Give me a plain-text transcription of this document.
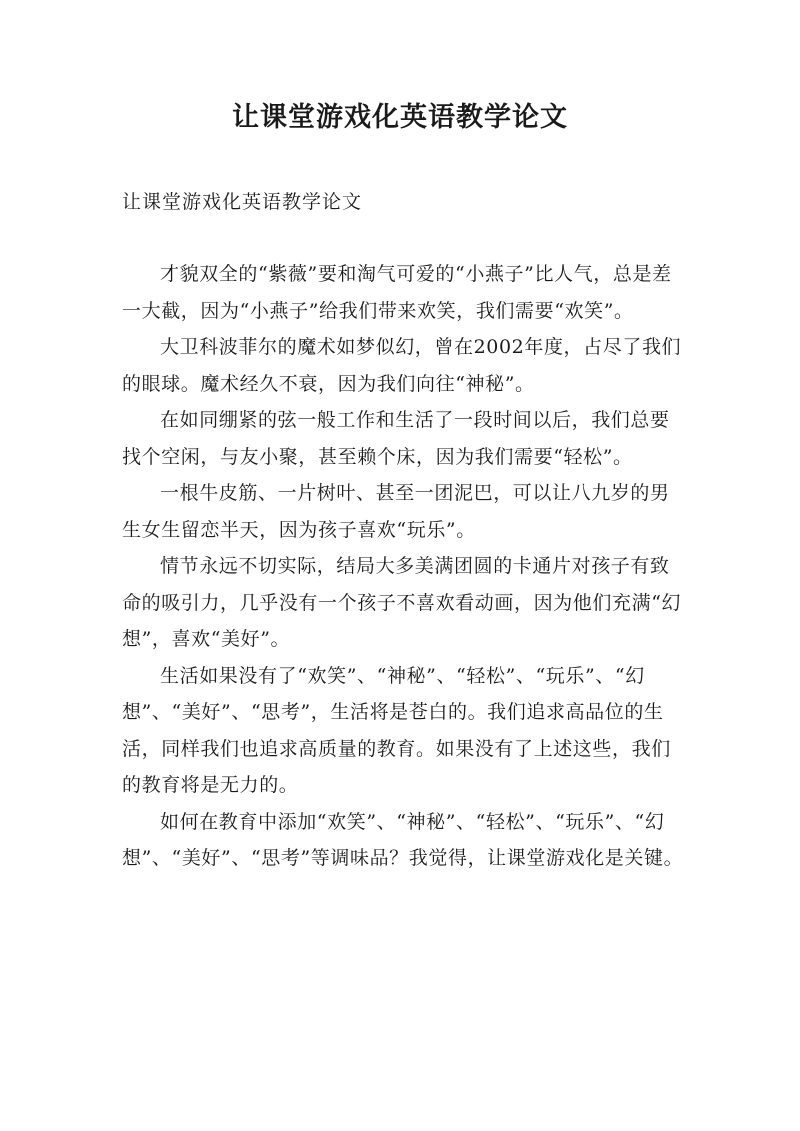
让课堂游戏化英语教学论文

让课堂游戏化英语教学论文

才貌双全的“紫薇”要和淘气可爱的“小燕子”比人气，总是差一大截，因为“小燕子”给我们带来欢笑，我们需要“欢笑”。

大卫科波菲尔的魔术如梦似幻，曾在2002年度，占尽了我们的眼球。魔术经久不衰，因为我们向往“神秘”。

在如同绷紧的弦一般工作和生活了一段时间以后，我们总要找个空闲，与友小聚，甚至赖个床，因为我们需要“轻松”。

一根牛皮筋、一片树叶、甚至一团泥巴，可以让八九岁的男生女生留恋半天，因为孩子喜欢“玩乐”。

情节永远不切实际，结局大多美满团圆的卡通片对孩子有致命的吸引力，几乎没有一个孩子不喜欢看动画，因为他们充满“幻想”，喜欢“美好”。

生活如果没有了“欢笑”、“神秘”、“轻松”、“玩乐”、“幻想”、“美好”、“思考”，生活将是苍白的。我们追求高品位的生活，同样我们也追求高质量的教育。如果没有了上述这些，我们的教育将是无力的。

如何在教育中添加“欢笑”、“神秘”、“轻松”、“玩乐”、“幻想”、“美好”、“思考”等调味品？我觉得，让课堂游戏化是关键。
